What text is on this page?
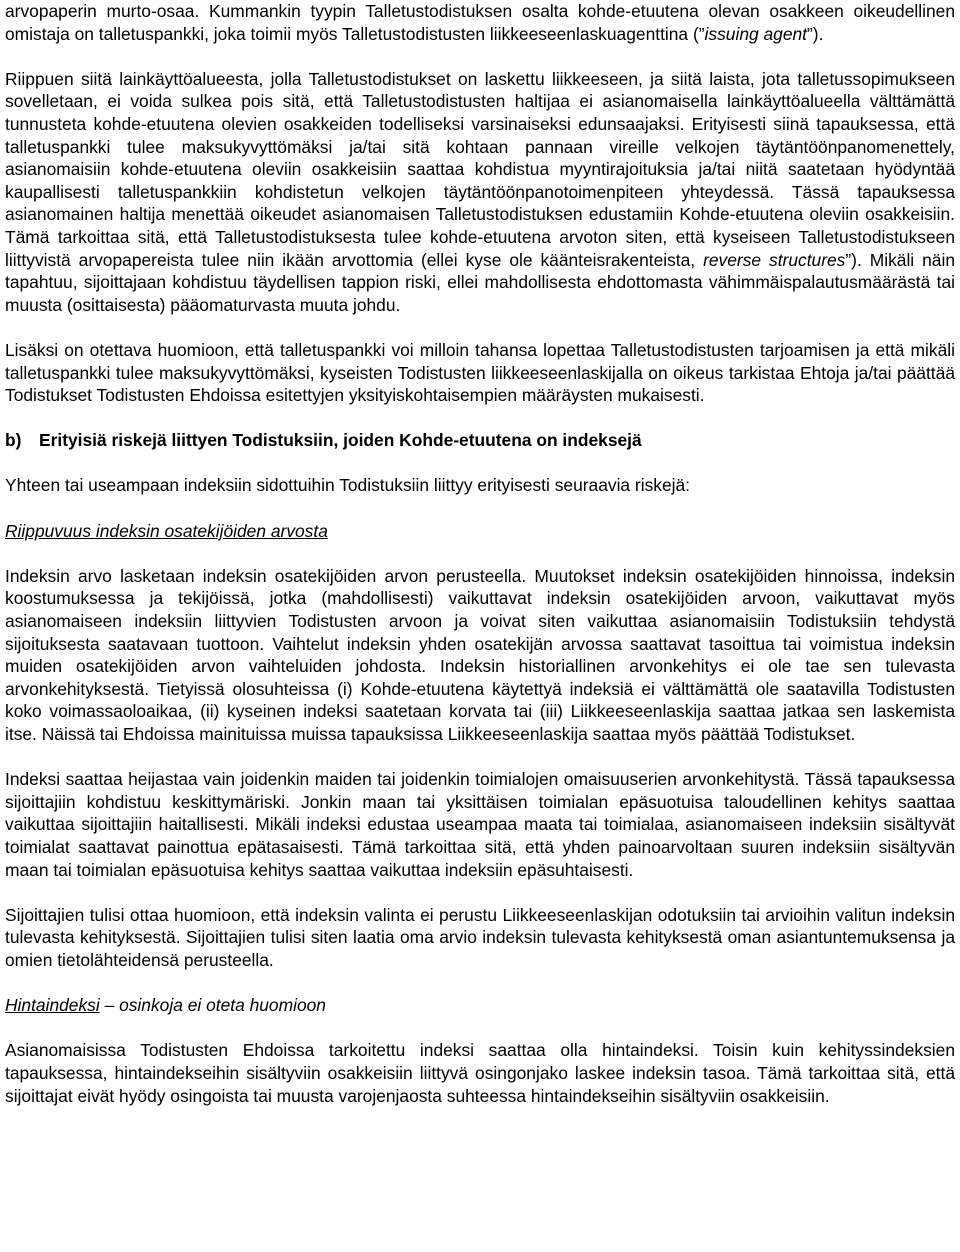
arvopaperin murto-osaa. Kummankin tyypin Talletustodistuksen osalta kohde-etuutena olevan osakkeen oikeudellinen omistaja on talletuspankki, joka toimii myös Talletustodistusten liikkeeseenlaskuagenttina (”issuing agent”).

Riippuen siitä lainkäyttöalueesta, jolla Talletustodistukset on laskettu liikkeeseen, ja siitä laista, jota talletussopimukseen sovelletaan, ei voida sulkea pois sitä, että Talletustodistusten haltijaa ei asianomaisella lainkäyttöalueella välttämättä tunnusteta kohde-etuutena olevien osakkeiden todelliseksi varsinaiseksi edunsaajaksi. Erityisesti siinä tapauksessa, että talletuspankki tulee maksukyvyttömäksi ja/tai sitä kohtaan pannaan vireille velkojen täytäntöönpanomenettely, asianomaisiin kohde-etuutena oleviin osakkeisiin saattaa kohdistua myyntirajoituksia ja/tai niitä saatetaan hyödyntää kaupallisesti talletuspankkiin kohdistetun velkojen täytäntöönpanotoimenpiteen yhteydessä. Tässä tapauksessa asianomainen haltija menettää oikeudet asianomaisen Talletustodistuksen edustamiin Kohde-etuutena oleviin osakkeisiin. Tämä tarkoittaa sitä, että Talletustodistuksesta tulee kohde-etuutena arvoton siten, että kyseiseen Talletustodistukseen liittyvistä arvopapereista tulee niin ikään arvottomia (ellei kyse ole käänteisrakenteista, reverse structures”). Mikäli näin tapahtuu, sijoittajaan kohdistuu täydellisen tappion riski, ellei mahdollisesta ehdottomasta vähimmäispalautusmäärästä tai muusta (osittaisesta) pääomaturvasta muuta johdu.

Lisäksi on otettava huomioon, että talletuspankki voi milloin tahansa lopettaa Talletustodistusten tarjoamisen ja että mikäli talletuspankki tulee maksukyvyttömäksi, kyseisten Todistusten liikkeeseenlaskijalla on oikeus tarkistaa Ehtoja ja/tai päättää Todistukset Todistusten Ehdoissa esitettyjen yksityiskohtaisempien määräysten mukaisesti.

b) Erityisiä riskejä liittyen Todistuksiin, joiden Kohde-etuutena on indeksejä

Yhteen tai useampaan indeksiin sidottuihin Todistuksiin liittyy erityisesti seuraavia riskejä:

Riippuvuus indeksin osatekijöiden arvosta

Indeksin arvo lasketaan indeksin osatekijöiden arvon perusteella. Muutokset indeksin osatekijöiden hinnoissa, indeksin koostumuksessa ja tekijöissä, jotka (mahdollisesti) vaikuttavat indeksin osatekijöiden arvoon, vaikuttavat myös asianomaiseen indeksiin liittyvien Todistusten arvoon ja voivat siten vaikuttaa asianomaisiin Todistuksiin tehdystä sijoituksesta saatavaan tuottoon. Vaihtelut indeksin yhden osatekijän arvossa saattavat tasoittua tai voimistua indeksin muiden osatekijöiden arvon vaihteluiden johdosta. Indeksin historiallinen arvonkehitys ei ole tae sen tulevasta arvonkehityksestä. Tietyissä olosuhteissa (i) Kohde-etuutena käytettyä indeksiä ei välttämättä ole saatavilla Todistusten koko voimassaoloaikaa, (ii) kyseinen indeksi saatetaan korvata tai (iii) Liikkeeseenlaskija saattaa jatkaa sen laskemista itse. Näissä tai Ehdoissa mainituissa muissa tapauksissa Liikkeeseenlaskija saattaa myös päättää Todistukset.

Indeksi saattaa heijastaa vain joidenkin maiden tai joidenkin toimialojen omaisuuserien arvonkehitystä. Tässä tapauksessa sijoittajiin kohdistuu keskittymäriski. Jonkin maan tai yksittäisen toimialan epäsuotuisa taloudellinen kehitys saattaa vaikuttaa sijoittajiin haitallisesti. Mikäli indeksi edustaa useampaa maata tai toimialaa, asianomaiseen indeksiin sisältyvät toimialat saattavat painottua epätasaisesti. Tämä tarkoittaa sitä, että yhden painoarvoltaan suuren indeksiin sisältyvän maan tai toimialan epäsuotuisa kehitys saattaa vaikuttaa indeksiin epäsuhtaisesti.

Sijoittajien tulisi ottaa huomioon, että indeksin valinta ei perustu Liikkeeseenlaskijan odotuksiin tai arvioihin valitun indeksin tulevasta kehityksestä. Sijoittajien tulisi siten laatia oma arvio indeksin tulevasta kehityksestä oman asiantuntemuksensa ja omien tietolähteidensä perusteella.

Hintaindeksi – osinkoja ei oteta huomioon

Asianomaisissa Todistusten Ehdoissa tarkoitettu indeksi saattaa olla hintaindeksi. Toisin kuin kehityssindeksien tapauksessa, hintaindekseihin sisältyviin osakkeisiin liittyvä osingonjako laskee indeksin tasoa. Tämä tarkoittaa sitä, että sijoittajat eivät hyödy osingoista tai muusta varojenjaosta suhteessa hintaindekseihin sisältyviin osakkeisiin.
